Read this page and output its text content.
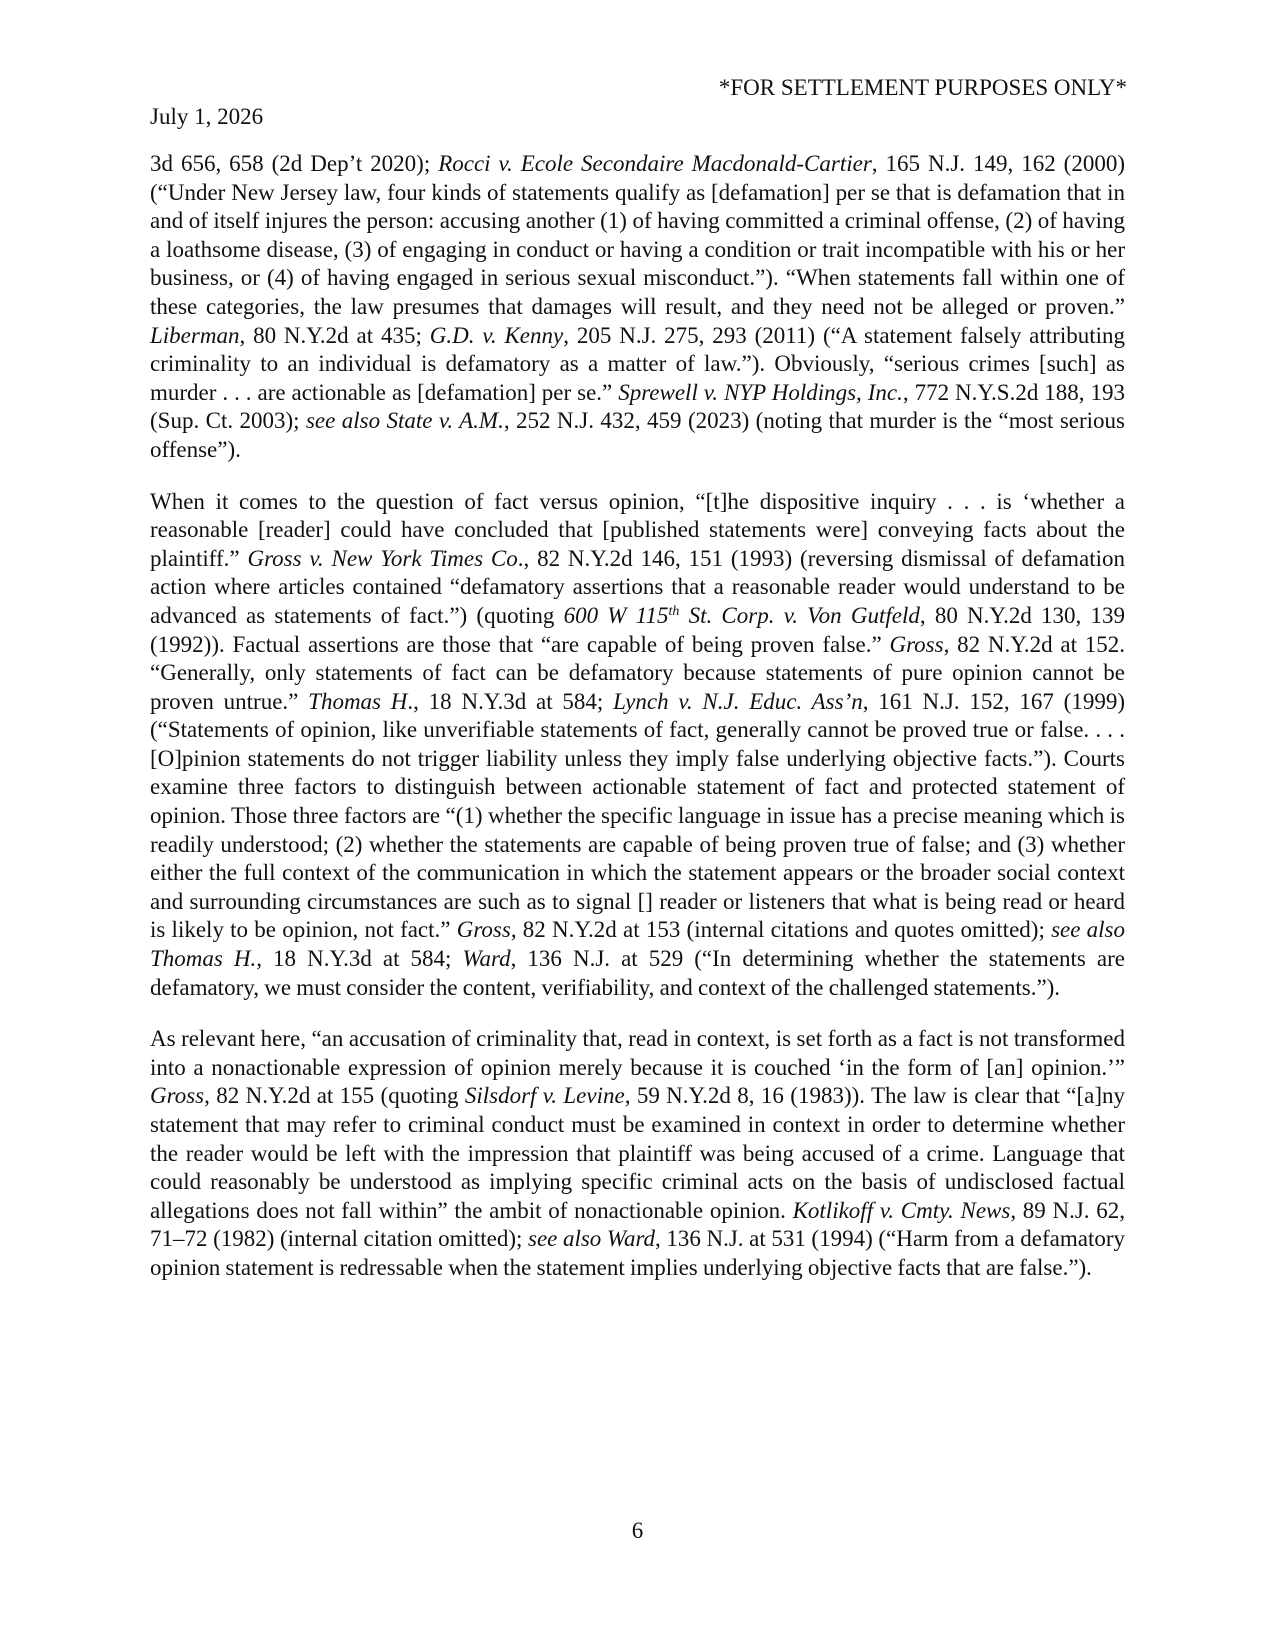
*FOR SETTLEMENT PURPOSES ONLY*
July 1, 2026

3d 656, 658 (2d Dep’t 2020); Rocci v. Ecole Secondaire Macdonald-Cartier, 165 N.J. 149, 162 (2000) (“Under New Jersey law, four kinds of statements qualify as [defamation] per se that is defamation that in and of itself injures the person: accusing another (1) of having committed a criminal offense, (2) of having a loathsome disease, (3) of engaging in conduct or having a condition or trait incompatible with his or her business, or (4) of having engaged in serious sexual misconduct.”). “When statements fall within one of these categories, the law presumes that damages will result, and they need not be alleged or proven.” Liberman, 80 N.Y.2d at 435; G.D. v. Kenny, 205 N.J. 275, 293 (2011) (“A statement falsely attributing criminality to an individual is defamatory as a matter of law.”). Obviously, “serious crimes [such] as murder . . . are actionable as [defamation] per se.” Sprewell v. NYP Holdings, Inc., 772 N.Y.S.2d 188, 193 (Sup. Ct. 2003); see also State v. A.M., 252 N.J. 432, 459 (2023) (noting that murder is the “most serious offense”).

When it comes to the question of fact versus opinion, “[t]he dispositive inquiry . . . is ‘whether a reasonable [reader] could have concluded that [published statements were] conveying facts about the plaintiff.” Gross v. New York Times Co., 82 N.Y.2d 146, 151 (1993) (reversing dismissal of defamation action where articles contained “defamatory assertions that a reasonable reader would understand to be advanced as statements of fact.”) (quoting 600 W 115th St. Corp. v. Von Gutfeld, 80 N.Y.2d 130, 139 (1992)). Factual assertions are those that “are capable of being proven false.” Gross, 82 N.Y.2d at 152. “Generally, only statements of fact can be defamatory because statements of pure opinion cannot be proven untrue.” Thomas H., 18 N.Y.3d at 584; Lynch v. N.J. Educ. Ass’n, 161 N.J. 152, 167 (1999) (“Statements of opinion, like unverifiable statements of fact, generally cannot be proved true or false. . . . [O]pinion statements do not trigger liability unless they imply false underlying objective facts.”). Courts examine three factors to distinguish between actionable statement of fact and protected statement of opinion. Those three factors are “(1) whether the specific language in issue has a precise meaning which is readily understood; (2) whether the statements are capable of being proven true of false; and (3) whether either the full context of the communication in which the statement appears or the broader social context and surrounding circumstances are such as to signal [] reader or listeners that what is being read or heard is likely to be opinion, not fact.” Gross, 82 N.Y.2d at 153 (internal citations and quotes omitted); see also Thomas H., 18 N.Y.3d at 584; Ward, 136 N.J. at 529 (“In determining whether the statements are defamatory, we must consider the content, verifiability, and context of the challenged statements.”).

As relevant here, “an accusation of criminality that, read in context, is set forth as a fact is not transformed into a nonactionable expression of opinion merely because it is couched ‘in the form of [an] opinion.’” Gross, 82 N.Y.2d at 155 (quoting Silsdorf v. Levine, 59 N.Y.2d 8, 16 (1983)). The law is clear that “[a]ny statement that may refer to criminal conduct must be examined in context in order to determine whether the reader would be left with the impression that plaintiff was being accused of a crime. Language that could reasonably be understood as implying specific criminal acts on the basis of undisclosed factual allegations does not fall within” the ambit of nonactionable opinion. Kotlikoff v. Cmty. News, 89 N.J. 62, 71–72 (1982) (internal citation omitted); see also Ward, 136 N.J. at 531 (1994) (“Harm from a defamatory opinion statement is redressable when the statement implies underlying objective facts that are false.”).

6
